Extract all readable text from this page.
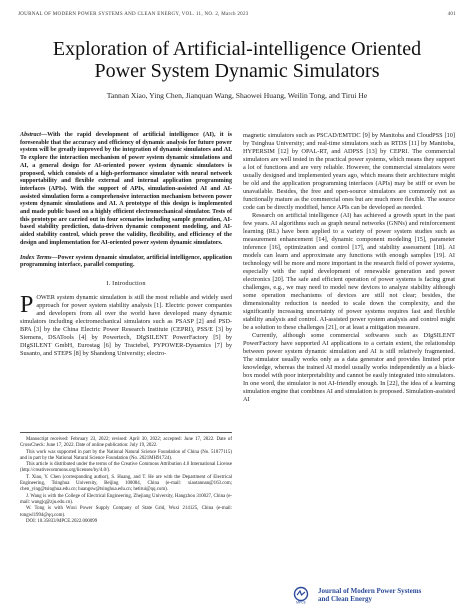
JOURNAL OF MODERN POWER SYSTEMS AND CLEAN ENERGY, VOL. 11, NO. 2, March 2023	401
Exploration of Artificial-intelligence Oriented
Power System Dynamic Simulators
Tannan Xiao, Ying Chen, Jianquan Wang, Shaowei Huang, Weilin Tong, and Tirui He

Abstract—With the rapid development of artificial intelligence (AI), it is foreseeable that the accuracy and efficiency of dynamic analysis for future power system will be greatly improved by the integration of dynamic simulators and AI. To explore the interaction mechanism of power system dynamic simulations and AI, a general design for AI-oriented power system dynamic simulators is proposed, which consists of a high-performance simulator with neural network supportability and flexible external and internal application programming interfaces (APIs). With the support of APIs, simulation-assisted AI and AI-assisted simulation form a comprehensive interaction mechanism between power system dynamic simulations and AI. A prototype of this design is implemented and made public based on a highly efficient electromechanical simulator. Tests of this prototype are carried out in four scenarios including sample generation, AI-based stability prediction, data-driven dynamic component modeling, and AI-aided stability control, which prove the validity, flexibility, and efficiency of the design and implementation for AI-oriented power system dynamic simulators.

Index Terms—Power system dynamic simulator, artificial intelligence, application programming interface, parallel computing.

I. Introduction

POWER system dynamic simulation is still the most reliable and widely used approach for power system stability analysis [1]. Electric power companies and developers from all over the world have developed many dynamic simulators including electromechanical simulators such as PSASP [2] and PSD-BPA [3] by the China Electric Power Research Institute (CEPRI), PSS/E [3] by Siemens, DSATools [4] by Powertech, DIgSILENT PowerFactory [5] by DIgSILENT GmbH, Eurostag [6] by Tractebel, PYPOWER-Dynamics [7] by Susanto, and STEPS [8] by Shandong University; electro-

Manuscript received: February 23, 2022; revised: April 30, 2022; accepted: June 17, 2022. Date of CrossCheck: June 17, 2022. Date of online publication: July 19, 2022.

This work was supported in part by the National Natural Science Foundation of China (No. 51877115) and in part by the National Natural Science Foundation (No. 2021MH91724).

This article is distributed under the terms of the Creative Commons Attribution 4.0 International License (http://creativecommons.org/licenses/by/4.0/).

T. Xiao, Y. Chen (corresponding author), S. Huang, and T. He are with the Department of Electrical Engineering, Tsinghua University, Beijing 100084, China (e-mail: xiaotannan@163.com; chen_ying@tsinghua.edu.cn; huangsw@tsinghua.edu.cn; hetirui@qq.com).

J. Wang is with the College of Electrical Engineering, Zhejiang University, Hangzhou 310027, China (e-mail: wangjq@zju.edu.cn).

W. Tong is with Wuxi Power Supply Company of State Grid, Wuxi 214125, China (e-mail: tongwl1994@qq.com).

DOI: 10.35833/MPCE.2022.000099

magnetic simulators such as PSCAD/EMTDC [9] by Manitoba and CloudPSS [10] by Tsinghua University; and real-time simulators such as RTDS [11] by Manitoba, HYPERSIM [12] by OPAL-RT, and ADPSS [13] by CEPRI. The commercial simulators are well tested in the practical power systems, which means they support a lot of functions and are very reliable. However, the commercial simulators were usually designed and implemented years ago, which means their architecture might be old and the application programming interfaces (APIs) may be stiff or even be unavailable. Besides, the free and open-source simulators are commonly not as functionally mature as the commercial ones but are much more flexible. The source code can be directly modified, hence APIs can be developed as needed.

Research on artificial intelligence (AI) has achieved a growth spurt in the past few years. AI algorithms such as graph neural networks (GNNs) and reinforcement learning (RL) have been applied to a variety of power system studies such as measurement enhancement [14], dynamic component modeling [15], parameter inference [16], optimization and control [17], and stability assessment [18]. AI models can learn and approximate any functions with enough samples [19]. AI technology will be more and more important in the research field of power systems, especially with the rapid development of renewable generation and power electronics [20]. The safe and efficient operation of power systems is facing great challenges, e.g., we may need to model new devices to analyze stability although some operation mechanisms of devices are still not clear; besides, the dimensionality reduction is needed to scale down the complexity, and the significantly increasing uncertainty of power systems requires fast and flexible stability analysis and control. AI-assisted power system analysis and control might be a solution to these challenges [21], or at least a mitigation measure.

Currently, although some commercial softwares such as DIgSILENT PowerFactory have supported AI applications to a certain extent, the relationship between power system dynamic simulation and AI is still relatively fragmented. The simulator usually works only as a data generator and provides limited prior knowledge, whereas the trained AI model usually works independently as a black-box model with poor interpretability and cannot be easily integrated into simulators. In one word, the simulator is not AI-friendly enough. In [22], the idea of a learning simulation engine that combines AI and simulation is proposed. Simulation-assisted AI

MPCE
Journal of Modern Power Systems
and Clean Energy
